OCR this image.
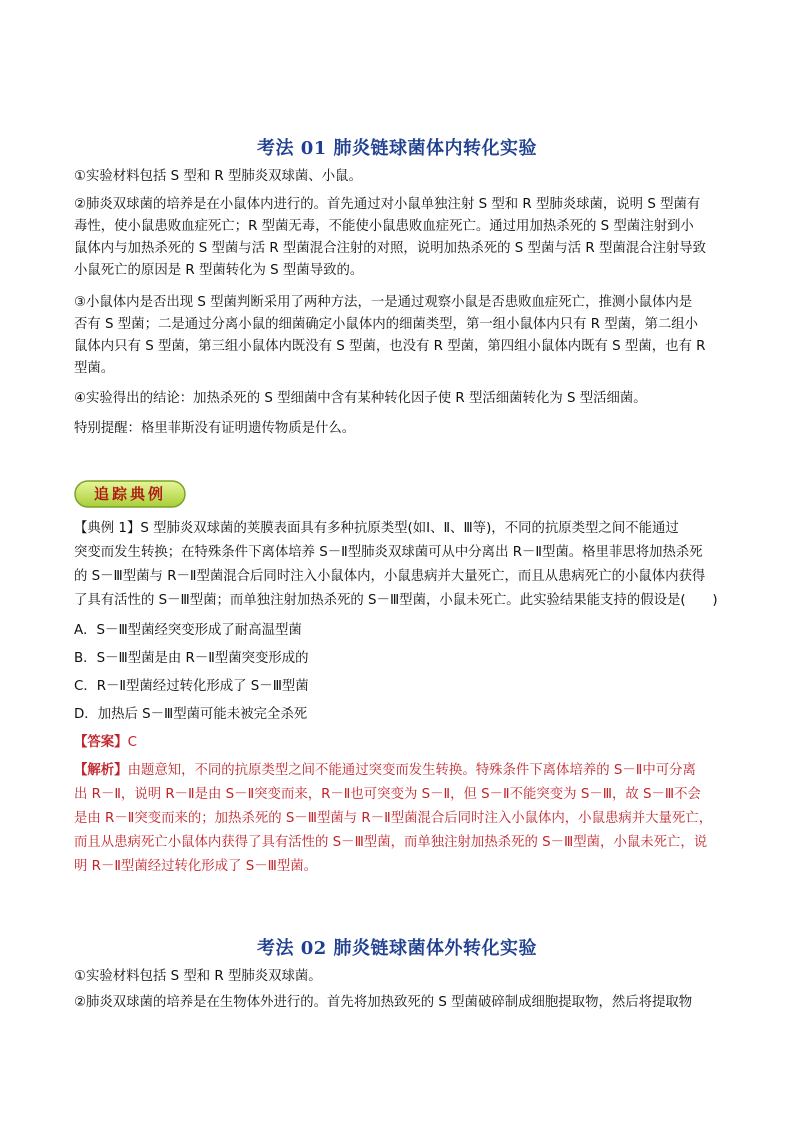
考法 01 肺炎链球菌体内转化实验
①实验材料包括 S 型和 R 型肺炎双球菌、小鼠。
②肺炎双球菌的培养是在小鼠体内进行的。首先通过对小鼠单独注射 S 型和 R 型肺炎球菌，说明 S 型菌有
毒性，使小鼠患败血症死亡；R 型菌无毒，不能使小鼠患败血症死亡。通过用加热杀死的 S 型菌注射到小
鼠体内与加热杀死的 S 型菌与活 R 型菌混合注射的对照，说明加热杀死的 S 型菌与活 R 型菌混合注射导致
小鼠死亡的原因是 R 型菌转化为 S 型菌导致的。
③小鼠体内是否出现 S 型菌判断采用了两种方法，一是通过观察小鼠是否患败血症死亡，推测小鼠体内是
否有 S 型菌；二是通过分离小鼠的细菌确定小鼠体内的细菌类型，第一组小鼠体内只有 R 型菌，第二组小
鼠体内只有 S 型菌，第三组小鼠体内既没有 S 型菌，也没有 R 型菌，第四组小鼠体内既有 S 型菌，也有 R
型菌。
④实验得出的结论：加热杀死的 S 型细菌中含有某种转化因子使 R 型活细菌转化为 S 型活细菌。
特别提醒：格里菲斯没有证明遗传物质是什么。
追踪典例
【典例 1】S 型肺炎双球菌的荚膜表面具有多种抗原类型(如Ⅰ、Ⅱ、Ⅲ等)，不同的抗原类型之间不能通过
突变而发生转换；在特殊条件下离体培养 S－Ⅱ型肺炎双球菌可从中分离出 R－Ⅱ型菌。格里菲思将加热杀死
的 S－Ⅲ型菌与 R－Ⅱ型菌混合后同时注入小鼠体内，小鼠患病并大量死亡，而且从患病死亡的小鼠体内获得
了具有活性的 S－Ⅲ型菌；而单独注射加热杀死的 S－Ⅲ型菌，小鼠未死亡。此实验结果能支持的假设是(　　)
A．S－Ⅲ型菌经突变形成了耐高温型菌
B．S－Ⅲ型菌是由 R－Ⅱ型菌突变形成的
C．R－Ⅱ型菌经过转化形成了 S－Ⅲ型菌
D．加热后 S－Ⅲ型菌可能未被完全杀死
【答案】C
【解析】由题意知，不同的抗原类型之间不能通过突变而发生转换。特殊条件下离体培养的 S－Ⅱ中可分离
出 R－Ⅱ，说明 R－Ⅱ是由 S－Ⅱ突变而来，R－Ⅱ也可突变为 S－Ⅱ，但 S－Ⅱ不能突变为 S－Ⅲ，故 S－Ⅲ不会
是由 R－Ⅱ突变而来的；加热杀死的 S－Ⅲ型菌与 R－Ⅱ型菌混合后同时注入小鼠体内，小鼠患病并大量死亡，
而且从患病死亡小鼠体内获得了具有活性的 S－Ⅲ型菌，而单独注射加热杀死的 S－Ⅲ型菌，小鼠未死亡，说
明 R－Ⅱ型菌经过转化形成了 S－Ⅲ型菌。
考法 02 肺炎链球菌体外转化实验
①实验材料包括 S 型和 R 型肺炎双球菌。
②肺炎双球菌的培养是在生物体外进行的。首先将加热致死的 S 型菌破碎制成细胞提取物，然后将提取物
